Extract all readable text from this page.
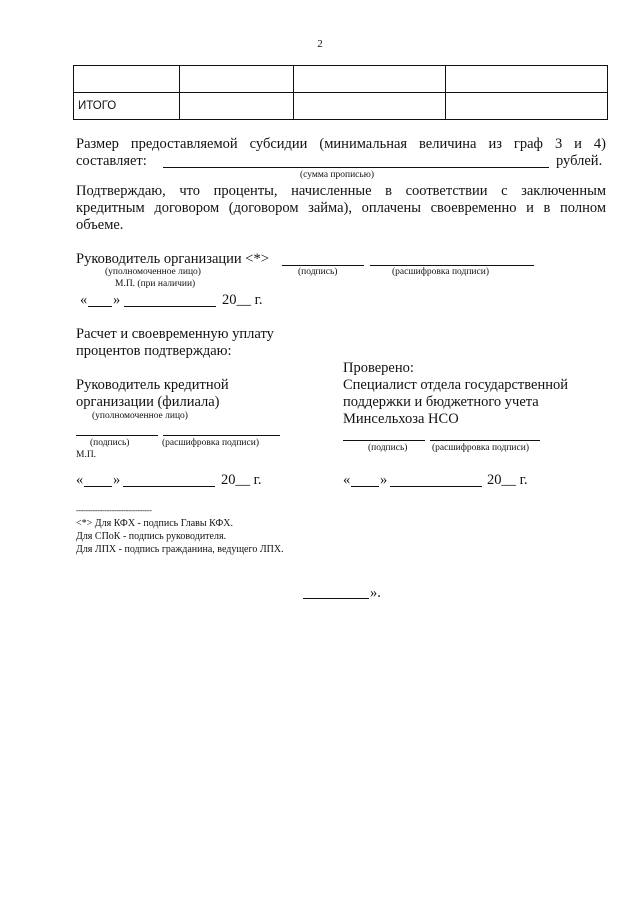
2

ИТОГО			
Размер предоставляемой субсидии (минимальная величина из граф 3 и 4)
составляет:	рублей.
(сумма прописью)
Подтверждаю, что проценты, начисленные в соответствии с заключенным
кредитным договором (договором займа), оплачены своевременно и в полном
объеме.
Руководитель организации <*>
(уполномоченное лицо)	(подпись)	(расшифровка подписи)
М.П. (при наличии)
« »	20__ г.
Расчет и своевременную уплату
процентов подтверждаю:
Проверено:
Специалист отдела государственной
поддержки и бюджетного учета
Минсельхоза НСО
Руководитель кредитной
организации (филиала)
(уполномоченное лицо)
(подпись)	(расшифровка подписи)
М.П.
(подпись)	(расшифровка подписи)
« »	20__ г.	« »	20__ г.
--------------------------------
<*> Для КФХ - подпись Главы КФХ.
Для СПоК - подпись руководителя.
Для ЛПХ - подпись гражданина, ведущего ЛПХ.
».
